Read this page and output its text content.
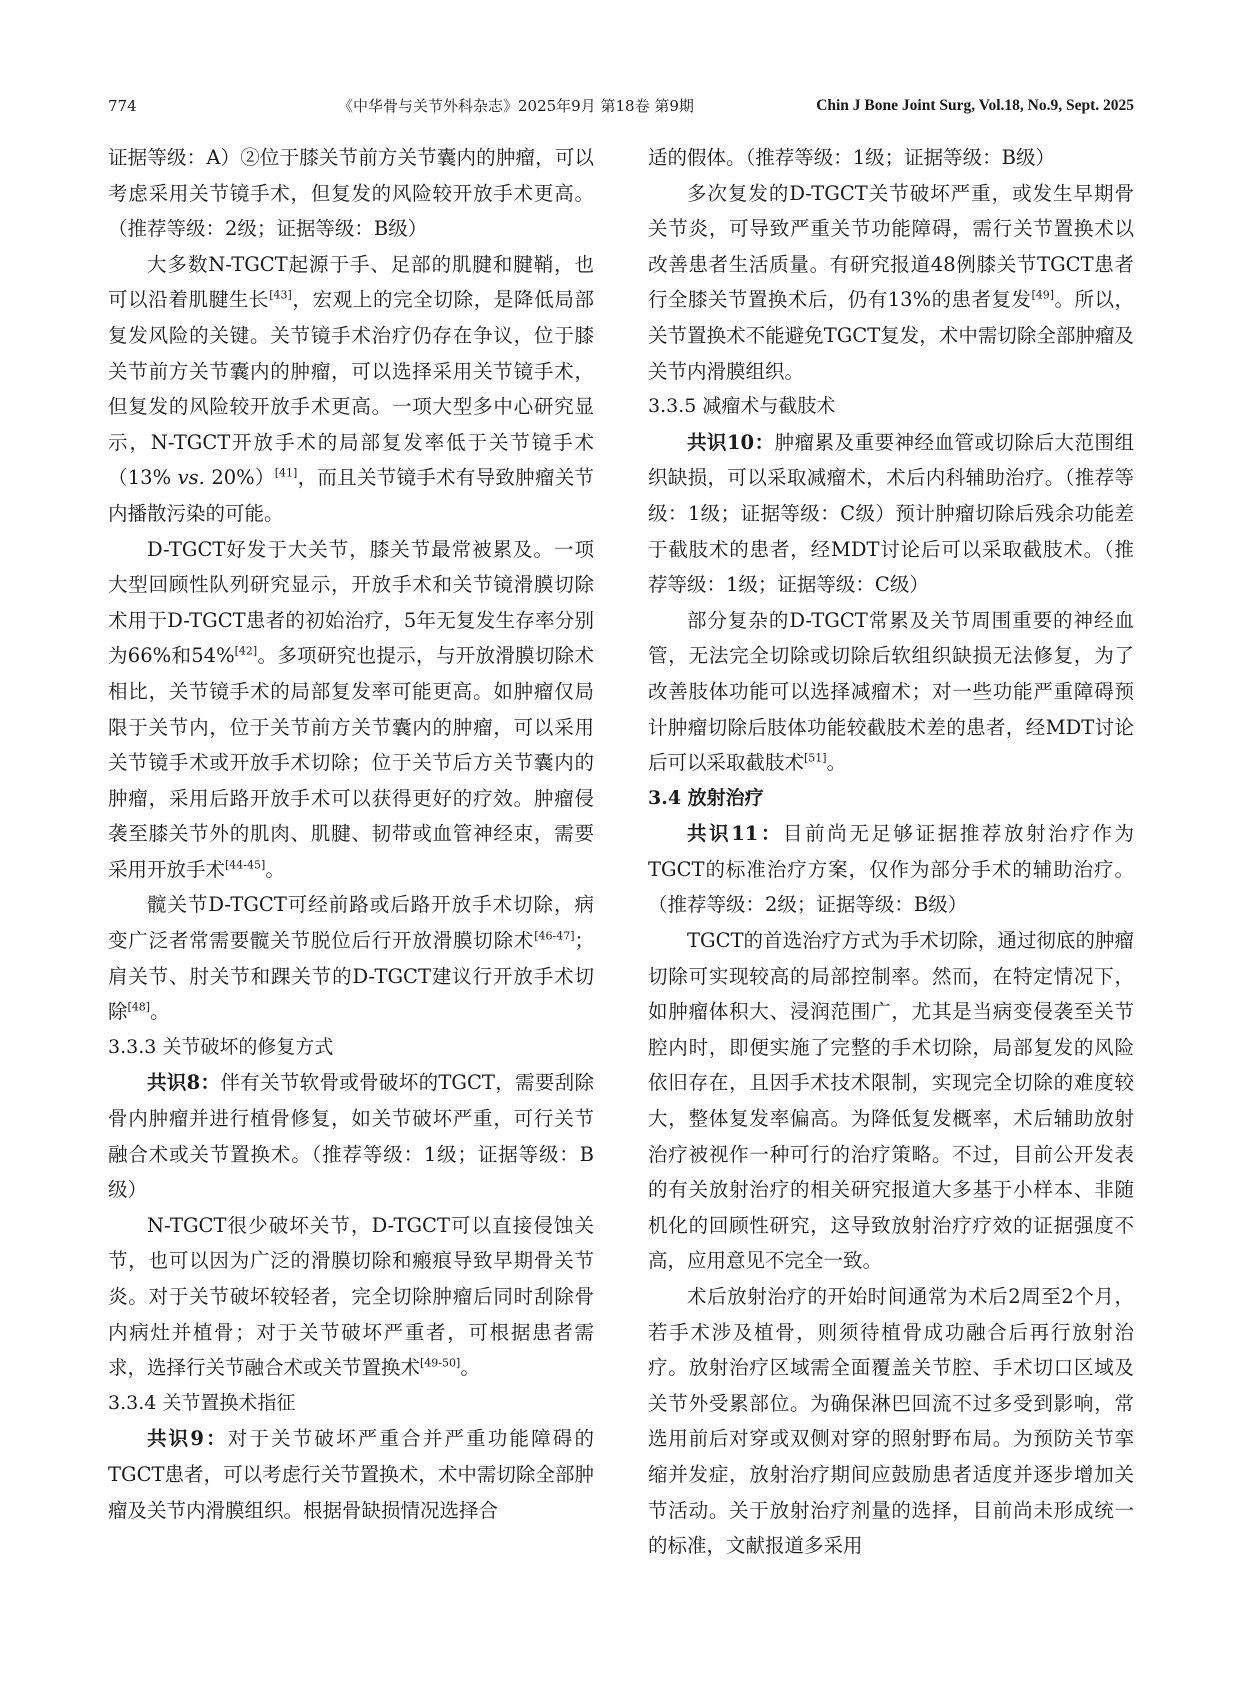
774	《中华骨与关节外科杂志》2025年9月 第18卷 第9期	Chin J Bone Joint Surg, Vol.18, No.9, Sept. 2025

证据等级：A）②位于膝关节前方关节囊内的肿瘤，可以考虑采用关节镜手术，但复发的风险较开放手术更高。（推荐等级：2级；证据等级：B级）

大多数N-TGCT起源于手、足部的肌腱和腱鞘，也可以沿着肌腱生长[43]，宏观上的完全切除，是降低局部复发风险的关键。关节镜手术治疗仍存在争议，位于膝关节前方关节囊内的肿瘤，可以选择采用关节镜手术，但复发的风险较开放手术更高。一项大型多中心研究显示，N-TGCT开放手术的局部复发率低于关节镜手术（13% vs. 20%）[41]，而且关节镜手术有导致肿瘤关节内播散污染的可能。

D-TGCT好发于大关节，膝关节最常被累及。一项大型回顾性队列研究显示，开放手术和关节镜滑膜切除术用于D-TGCT患者的初始治疗，5年无复发生存率分别为66%和54%[42]。多项研究也提示，与开放滑膜切除术相比，关节镜手术的局部复发率可能更高。如肿瘤仅局限于关节内，位于关节前方关节囊内的肿瘤，可以采用关节镜手术或开放手术切除；位于关节后方关节囊内的肿瘤，采用后路开放手术可以获得更好的疗效。肿瘤侵袭至膝关节外的肌肉、肌腱、韧带或血管神经束，需要采用开放手术[44-45]。

髋关节D-TGCT可经前路或后路开放手术切除，病变广泛者常需要髋关节脱位后行开放滑膜切除术[46-47]；肩关节、肘关节和踝关节的D-TGCT建议行开放手术切除[48]。

3.3.3 关节破坏的修复方式

共识8：伴有关节软骨或骨破坏的TGCT，需要刮除骨内肿瘤并进行植骨修复，如关节破坏严重，可行关节融合术或关节置换术。（推荐等级：1级；证据等级：B级）

N-TGCT很少破坏关节，D-TGCT可以直接侵蚀关节，也可以因为广泛的滑膜切除和瘢痕导致早期骨关节炎。对于关节破坏较轻者，完全切除肿瘤后同时刮除骨内病灶并植骨；对于关节破坏严重者，可根据患者需求，选择行关节融合术或关节置换术[49-50]。

3.3.4 关节置换术指征

共识9：对于关节破坏严重合并严重功能障碍的TGCT患者，可以考虑行关节置换术，术中需切除全部肿瘤及关节内滑膜组织。根据骨缺损情况选择合

适的假体。（推荐等级：1级；证据等级：B级）

多次复发的D-TGCT关节破坏严重，或发生早期骨关节炎，可导致严重关节功能障碍，需行关节置换术以改善患者生活质量。有研究报道48例膝关节TGCT患者行全膝关节置换术后，仍有13%的患者复发[49]。所以，关节置换术不能避免TGCT复发，术中需切除全部肿瘤及关节内滑膜组织。

3.3.5 减瘤术与截肢术

共识10：肿瘤累及重要神经血管或切除后大范围组织缺损，可以采取减瘤术，术后内科辅助治疗。（推荐等级：1级；证据等级：C级）预计肿瘤切除后残余功能差于截肢术的患者，经MDT讨论后可以采取截肢术。（推荐等级：1级；证据等级：C级）

部分复杂的D-TGCT常累及关节周围重要的神经血管，无法完全切除或切除后软组织缺损无法修复，为了改善肢体功能可以选择减瘤术；对一些功能严重障碍预计肿瘤切除后肢体功能较截肢术差的患者，经MDT讨论后可以采取截肢术[51]。

3.4 放射治疗

共识11：目前尚无足够证据推荐放射治疗作为TGCT的标准治疗方案，仅作为部分手术的辅助治疗。（推荐等级：2级；证据等级：B级）

TGCT的首选治疗方式为手术切除，通过彻底的肿瘤切除可实现较高的局部控制率。然而，在特定情况下，如肿瘤体积大、浸润范围广，尤其是当病变侵袭至关节腔内时，即便实施了完整的手术切除，局部复发的风险依旧存在，且因手术技术限制，实现完全切除的难度较大，整体复发率偏高。为降低复发概率，术后辅助放射治疗被视作一种可行的治疗策略。不过，目前公开发表的有关放射治疗的相关研究报道大多基于小样本、非随机化的回顾性研究，这导致放射治疗疗效的证据强度不高，应用意见不完全一致。

术后放射治疗的开始时间通常为术后2周至2个月，若手术涉及植骨，则须待植骨成功融合后再行放射治疗。放射治疗区域需全面覆盖关节腔、手术切口区域及关节外受累部位。为确保淋巴回流不过多受到影响，常选用前后对穿或双侧对穿的照射野布局。为预防关节挛缩并发症，放射治疗期间应鼓励患者适度并逐步增加关节活动。关于放射治疗剂量的选择，目前尚未形成统一的标准，文献报道多采用
